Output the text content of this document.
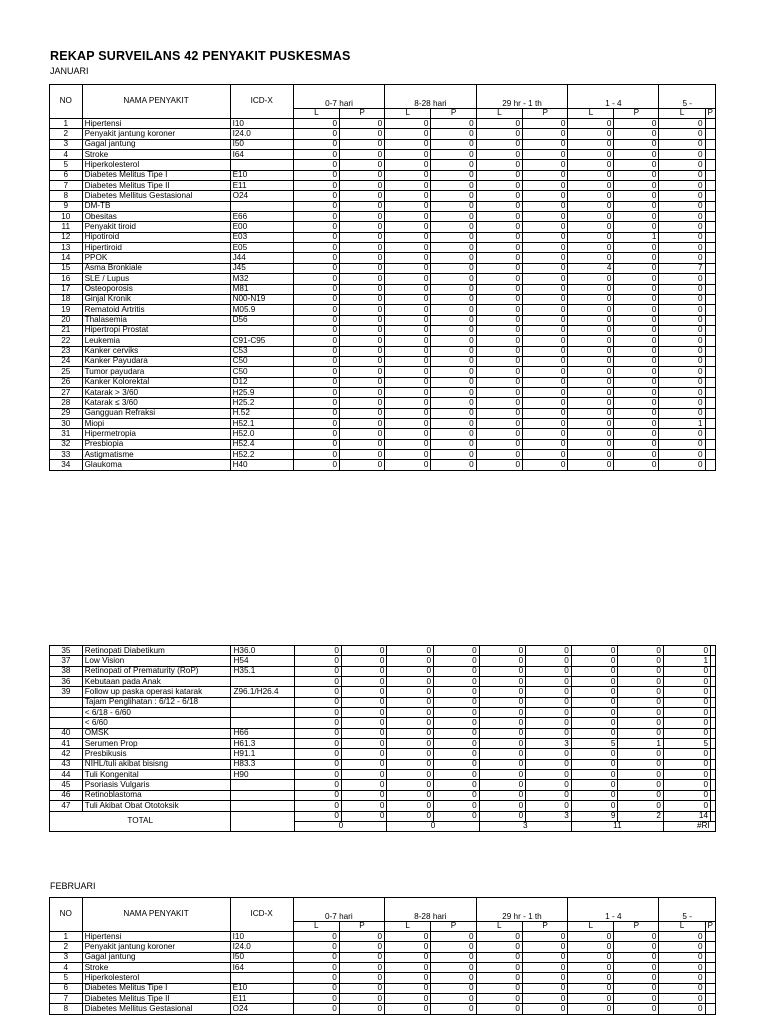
REKAP SURVEILANS 42 PENYAKIT PUSKESMAS
JANUARI
NO	NAMA PENYAKIT	ICD-X	0-7 hari		8-28 hari		29 hr - 1 th		1 - 4		5 -	
			L	P	L	P	L	P	L	P	L	P
1	Hipertensi	I10	0	0	0	0	0	0	0	0	0	
2	Penyakit jantung koroner	I24.0	0	0	0	0	0	0	0	0	0	
3	Gagal jantung	I50	0	0	0	0	0	0	0	0	0	
4	Stroke	I64	0	0	0	0	0	0	0	0	0	
5	Hiperkolesterol		0	0	0	0	0	0	0	0	0	
6	Diabetes Melitus Tipe I	E10	0	0	0	0	0	0	0	0	0	
7	Diabetes Melitus Tipe II	E11	0	0	0	0	0	0	0	0	0	
8	Diabetes Mellitus Gestasional	O24	0	0	0	0	0	0	0	0	0	
9	DM-TB		0	0	0	0	0	0	0	0	0	
10	Obesitas	E66	0	0	0	0	0	0	0	0	0	
11	Penyakit tiroid	E00	0	0	0	0	0	0	0	0	0	
12	Hipotiroid	E03	0	0	0	0	0	0	0	1	0	
13	Hipertiroid	E05	0	0	0	0	0	0	0	0	0	
14	PPOK	J44	0	0	0	0	0	0	0	0	0	
15	Asma Bronkiale	J45	0	0	0	0	0	0	4	0	7	
16	SLE / Lupus	M32	0	0	0	0	0	0	0	0	0	
17	Osteoporosis	M81	0	0	0	0	0	0	0	0	0	
18	Ginjal Kronik	N00-N19	0	0	0	0	0	0	0	0	0	
19	Rematoid Artritis	M05.9	0	0	0	0	0	0	0	0	0	
20	Thalasemia	D56	0	0	0	0	0	0	0	0	0	
21	Hipertropi Prostat		0	0	0	0	0	0	0	0	0	
22	Leukemia	C91-C95	0	0	0	0	0	0	0	0	0	
23	Kanker cerviks	C53	0	0	0	0	0	0	0	0	0	
24	Kanker Payudara	C50	0	0	0	0	0	0	0	0	0	
25	Tumor payudara	C50	0	0	0	0	0	0	0	0	0	
26	Kanker Kolorektal	D12	0	0	0	0	0	0	0	0	0	
27	Katarak > 3/60	H25.9	0	0	0	0	0	0	0	0	0	
28	Katarak ≤ 3/60	H25.2	0	0	0	0	0	0	0	0	0	
29	Gangguan Refraksi	H.52	0	0	0	0	0	0	0	0	0	
30	Miopi	H52.1	0	0	0	0	0	0	0	0	1	
31	Hipermetropia	H52.0	0	0	0	0	0	0	0	0	0	
32	Presbiopia	H52.4	0	0	0	0	0	0	0	0	0	
33	Astigmatisme	H52.2	0	0	0	0	0	0	0	0	0	
34	Glaukoma	H40	0	0	0	0	0	0	0	0	0	
35	Retinopati Diabetikum	H36.0	0	0	0	0	0	0	0	0	0	
37	Low Vision	H54	0	0	0	0	0	0	0	0	1	
38	Retinopati of Prematurity (RoP)	H35.1	0	0	0	0	0	0	0	0	0	
36	Kebutaan pada Anak		0	0	0	0	0	0	0	0	0	
39	Follow up paska operasi katarak	Z96.1/H26.4	0	0	0	0	0	0	0	0	0	
	Tajam Penglihatan : 6/12 - 6/18		0	0	0	0	0	0	0	0	0	
	< 6/18 - 6/60		0	0	0	0	0	0	0	0	0	
	< 6/60		0	0	0	0	0	0	0	0	0	
40	OMSK	H66	0	0	0	0	0	0	0	0	0	
41	Serumen Prop	H61.3	0	0	0	0	0	3	5	1	5	
42	Presbikusis	H91.1	0	0	0	0	0	0	0	0	0	
43	NIHL/tuli akibat bisisng	H83.3	0	0	0	0	0	0	0	0	0	
44	Tuli Kongenital	H90	0	0	0	0	0	0	0	0	0	
45	Psoriasis Vulgaris		0	0	0	0	0	0	0	0	0	
46	Retinoblastoma		0	0	0	0	0	0	0	0	0	
47	Tuli Akibat Obat Ototoksik		0	0	0	0	0	0	0	0	0	
TOTAL			0	0	0	0	0	3	9	2	14	
			0		0		3		11		#RI	
FEBRUARI
NO	NAMA PENYAKIT	ICD-X	0-7 hari		8-28 hari		29 hr - 1 th		1 - 4		5 -	
			L	P	L	P	L	P	L	P	L	P
1	Hipertensi	I10	0	0	0	0	0	0	0	0	0	
2	Penyakit jantung koroner	I24.0	0	0	0	0	0	0	0	0	0	
3	Gagal jantung	I50	0	0	0	0	0	0	0	0	0	
4	Stroke	I64	0	0	0	0	0	0	0	0	0	
5	Hiperkolesterol		0	0	0	0	0	0	0	0	0	
6	Diabetes Melitus Tipe I	E10	0	0	0	0	0	0	0	0	0	
7	Diabetes Melitus Tipe II	E11	0	0	0	0	0	0	0	0	0	
8	Diabetes Mellitus Gestasional	O24	0	0	0	0	0	0	0	0	0	
